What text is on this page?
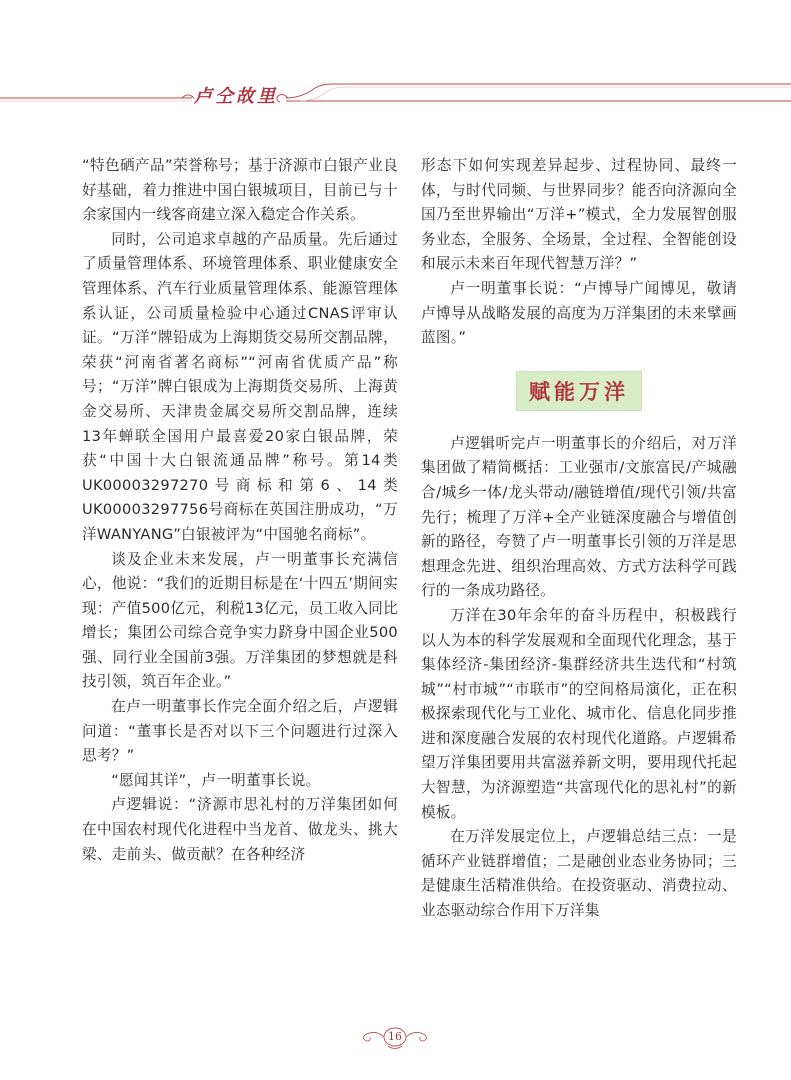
卢仝故里

“特色硒产品”荣誉称号；基于济源市白银产业良好基础，着力推进中国白银城项目，目前已与十余家国内一线客商建立深入稳定合作关系。

同时，公司追求卓越的产品质量。先后通过了质量管理体系、环境管理体系、职业健康安全管理体系、汽车行业质量管理体系、能源管理体系认证，公司质量检验中心通过CNAS评审认证。“万洋”牌铅成为上海期货交易所交割品牌，荣获“河南省著名商标”“河南省优质产品”称号；“万洋”牌白银成为上海期货交易所、上海黄金交易所、天津贵金属交易所交割品牌，连续13年蝉联全国用户最喜爱20家白银品牌，荣获“中国十大白银流通品牌”称号。第14类UK00003297270号商标和第6、14类UK00003297756号商标在英国注册成功，“万洋WANYANG”白银被评为“中国驰名商标”。

谈及企业未来发展，卢一明董事长充满信心，他说：“我们的近期目标是在‘十四五’期间实现：产值500亿元，利税13亿元，员工收入同比增长；集团公司综合竞争实力跻身中国企业500强、同行业全国前3强。万洋集团的梦想就是科技引领，筑百年企业。”

在卢一明董事长作完全面介绍之后，卢逻辑问道：“董事长是否对以下三个问题进行过深入思考？”

“愿闻其详”，卢一明董事长说。

卢逻辑说：“济源市思礼村的万洋集团如何在中国农村现代化进程中当龙首、做龙头、挑大梁、走前头、做贡献？在各种经济

形态下如何实现差异起步、过程协同、最终一体，与时代同频、与世界同步？能否向济源向全国乃至世界输出“万洋+”模式，全力发展智创服务业态，全服务、全场景，全过程、全智能创设和展示未来百年现代智慧万洋？”

卢一明董事长说：“卢博导广闻博见，敬请卢博导从战略发展的高度为万洋集团的未来擘画蓝图。”

赋能万洋

卢逻辑听完卢一明董事长的介绍后，对万洋集团做了精简概括：工业强市/文旅富民/产城融合/城乡一体/龙头带动/融链增值/现代引领/共富先行；梳理了万洋+全产业链深度融合与增值创新的路径，夸赞了卢一明董事长引领的万洋是思想理念先进、组织治理高效、方式方法科学可践行的一条成功路径。

万洋在30年余年的奋斗历程中，积极践行以人为本的科学发展观和全面现代化理念，基于集体经济-集团经济-集群经济共生迭代和“村筑城”“村市城”“市联市”的空间格局演化，正在积极探索现代化与工业化、城市化、信息化同步推进和深度融合发展的农村现代化道路。卢逻辑希望万洋集团要用共富滋养新文明，要用现代托起大智慧，为济源塑造“共富现代化的思礼村”的新模板。

在万洋发展定位上，卢逻辑总结三点：一是循环产业链群增值；二是融创业态业务协同；三是健康生活精准供给。在投资驱动、消费拉动、业态驱动综合作用下万洋集

16
